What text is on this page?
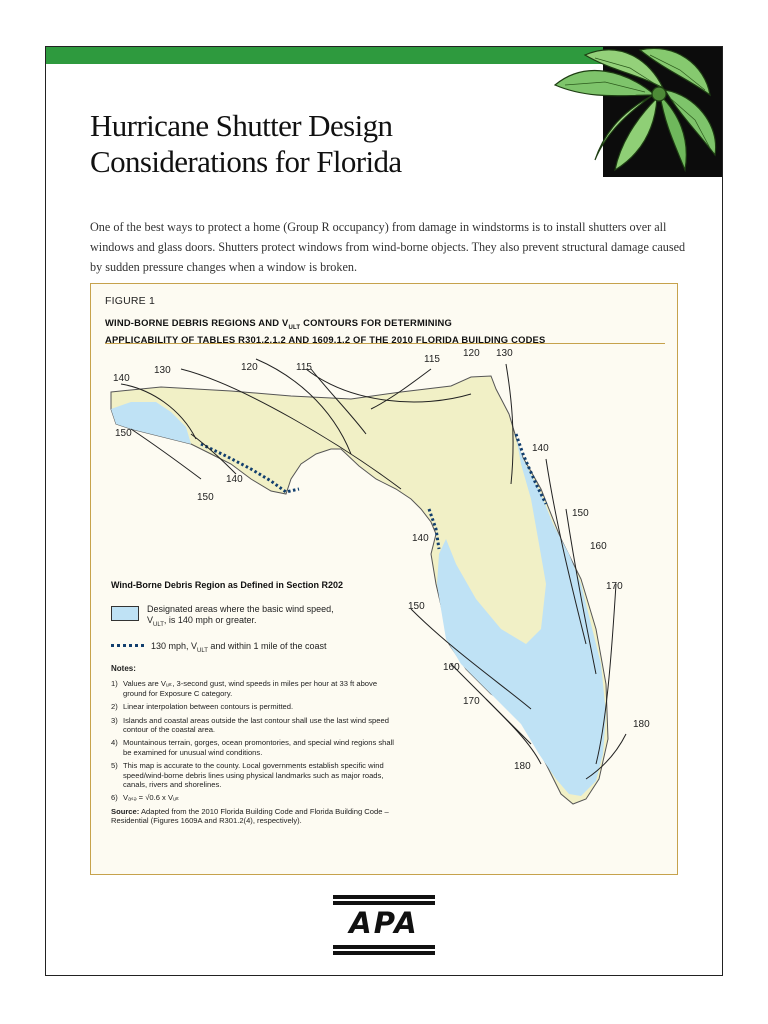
Hurricane Shutter Design
Considerations for Florida

One of the best ways to protect a home (Group R occupancy) from damage in windstorms is to install shutters over all windows and glass doors. Shutters protect windows from wind-borne objects. They also prevent structural damage caused by sudden pressure changes when a window is broken.

FIGURE 1
WIND-BORNE DEBRIS REGIONS AND $V_{ULT}$ CONTOURS FOR DETERMINING
APPLICABILITY OF TABLES R301.2.1.2 AND 1609.1.2 OF THE 2010 FLORIDA BUILDING CODES
140
130	120	115
115
120 130
150
140
150
140
150
160
140
170
150
160
170
180
180
Wind-Borne Debris Region as Defined in Section R202
Designated areas where the basic wind speed,
$V_{ULT}$, is 140 mph or greater.
130 mph, $V_{ULT}$ and within 1 mile of the coast
Notes:
1) Values are Vᵤₗₜ, 3-second gust, wind speeds in miles per hour at 33 ft above ground for Exposure C category.
2) Linear interpolation between contours is permitted.
3) Islands and coastal areas outside the last contour shall use the last wind speed contour of the coastal area.
4) Mountainous terrain, gorges, ocean promontories, and special wind regions shall be examined for unusual wind conditions.
5) This map is accurate to the county. Local governments establish specific wind speed/wind-borne debris lines using physical landmarks such as major roads, canals, rivers and shorelines.
6) Vₐₛₔ = √0.6 x Vᵤₗₜ
Source: Adapted from the 2010 Florida Building Code and Florida Building Code – Residential (Figures 1609A and R301.2(4), respectively).
APA
